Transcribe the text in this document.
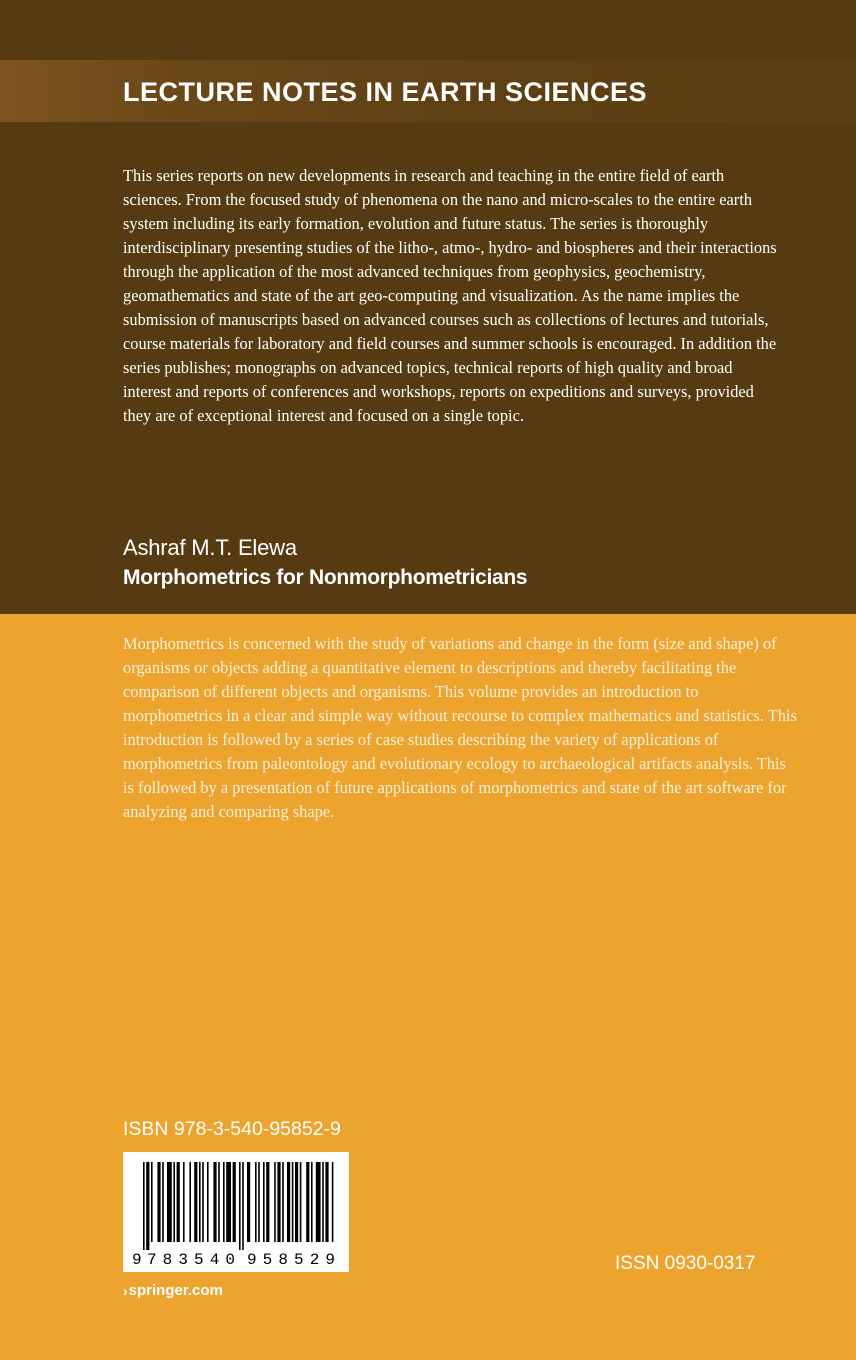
LECTURE NOTES IN EARTH SCIENCES

This series reports on new developments in research and teaching in the entire field of earth sciences. From the focused study of phenomena on the nano and micro-scales to the entire earth system including its early formation, evolution and future status. The series is thoroughly interdisciplinary presenting studies of the litho-, atmo-, hydro- and biospheres and their interactions through the application of the most advanced techniques from geophysics, geochemistry, geomathematics and state of the art geo-computing and visualization. As the name implies the submission of manuscripts based on advanced courses such as collections of lectures and tutorials, course materials for laboratory and field courses and summer schools is encouraged. In addition the series publishes; monographs on advanced topics, technical reports of high quality and broad interest and reports of conferences and workshops, reports on expeditions and surveys, provided they are of exceptional interest and focused on a single topic.

Ashraf M.T. Elewa

Morphometrics for Nonmorphometricians

Morphometrics is concerned with the study of variations and change in the form (size and shape) of organisms or objects adding a quantitative element to descriptions and thereby facilitating the comparison of different objects and organisms. This volume provides an introduction to morphometrics in a clear and simple way without recourse to complex mathematics and statistics. This introduction is followed by a series of case studies describing the variety of applications of morphometrics from paleontology and evolutionary ecology to archaeological artifacts analysis. This is followed by a presentation of future applications of morphometrics and state of the art software for analyzing and comparing shape.

ISBN 978-3-540-95852-9

9 783540 958529	ISSN 0930-0317

› springer.com
